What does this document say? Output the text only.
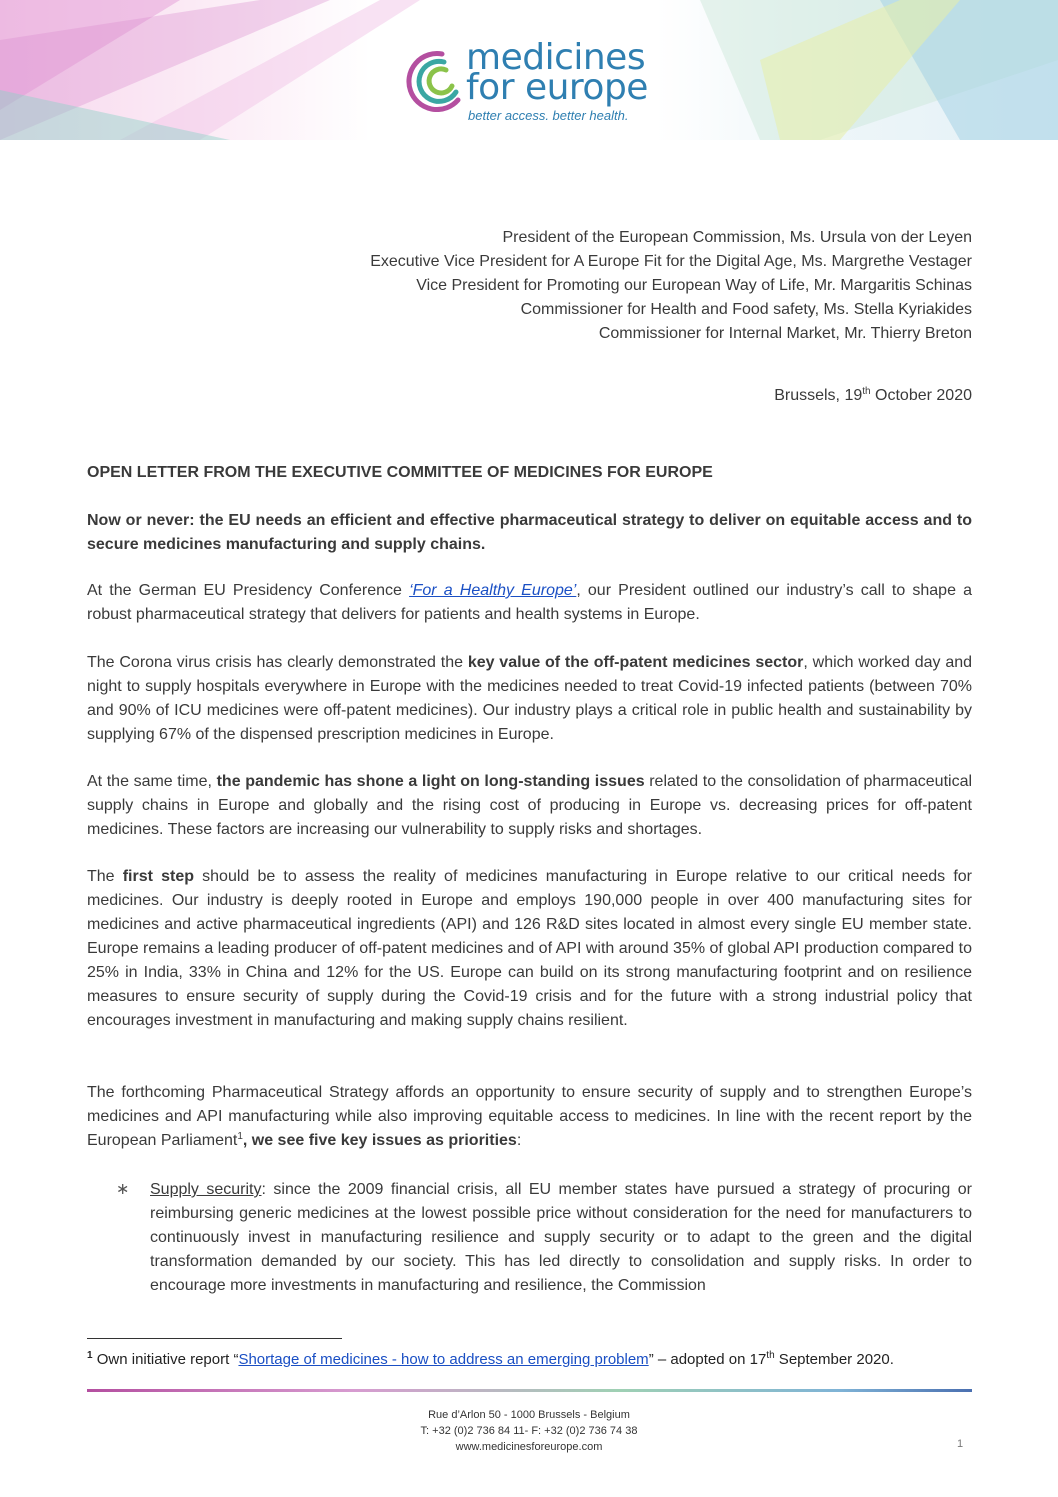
medicines
for europe
better access. better health.
President of the European Commission, Ms. Ursula von der Leyen
Executive Vice President for A Europe Fit for the Digital Age, Ms. Margrethe Vestager
Vice President for Promoting our European Way of Life, Mr. Margaritis Schinas
Commissioner for Health and Food safety, Ms. Stella Kyriakides
Commissioner for Internal Market, Mr. Thierry Breton
Brussels, 19th October 2020

OPEN LETTER FROM THE EXECUTIVE COMMITTEE OF MEDICINES FOR EUROPE

Now or never: the EU needs an efficient and effective pharmaceutical strategy to deliver on equitable access and to secure medicines manufacturing and supply chains.

At the German EU Presidency Conference ‘For a Healthy Europe’, our President outlined our industry’s call to shape a robust pharmaceutical strategy that delivers for patients and health systems in Europe.

The Corona virus crisis has clearly demonstrated the key value of the off-patent medicines sector, which worked day and night to supply hospitals everywhere in Europe with the medicines needed to treat Covid-19 infected patients (between 70% and 90% of ICU medicines were off-patent medicines). Our industry plays a critical role in public health and sustainability by supplying 67% of the dispensed prescription medicines in Europe.

At the same time, the pandemic has shone a light on long-standing issues related to the consolidation of pharmaceutical supply chains in Europe and globally and the rising cost of producing in Europe vs. decreasing prices for off-patent medicines. These factors are increasing our vulnerability to supply risks and shortages.

The first step should be to assess the reality of medicines manufacturing in Europe relative to our critical needs for medicines. Our industry is deeply rooted in Europe and employs 190,000 people in over 400 manufacturing sites for medicines and active pharmaceutical ingredients (API) and 126 R&D sites located in almost every single EU member state. Europe remains a leading producer of off-patent medicines and of API with around 35% of global API production compared to 25% in India, 33% in China and 12% for the US. Europe can build on its strong manufacturing footprint and on resilience measures to ensure security of supply during the Covid-19 crisis and for the future with a strong industrial policy that encourages investment in manufacturing and making supply chains resilient.

The forthcoming Pharmaceutical Strategy affords an opportunity to ensure security of supply and to strengthen Europe’s medicines and API manufacturing while also improving equitable access to medicines. In line with the recent report by the European Parliament$^1$, we see five key issues as priorities:

∗	Supply security: since the 2009 financial crisis, all EU member states have pursued a strategy of procuring or reimbursing generic medicines at the lowest possible price without consideration for the need for manufacturers to continuously invest in manufacturing resilience and supply security or to adapt to the green and the digital transformation demanded by our society. This has led directly to consolidation and supply risks. In order to encourage more investments in manufacturing and resilience, the Commission
$^1$ Own initiative report “Shortage of medicines - how to address an emerging problem” – adopted on 17th September 2020.
Rue d’Arlon 50 - 1000 Brussels - Belgium
T: +32 (0)2 736 84 11- F: +32 (0)2 736 74 38
www.medicinesforeurope.com	1
